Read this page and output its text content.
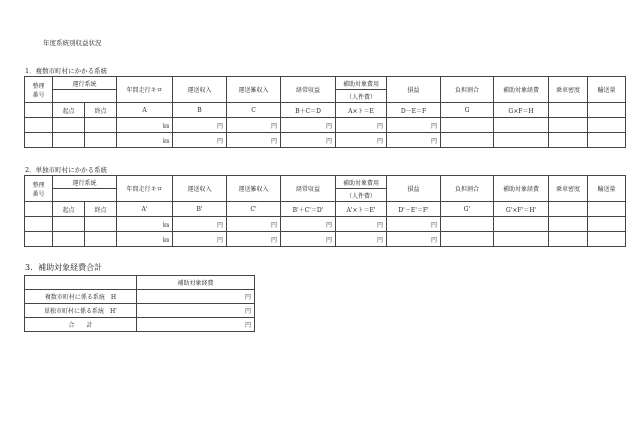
年度系統別収益状況
1．複数市町村にかかる系統
整理
番号	運行系統		年間走行キロ	運送収入	運送雑収入	経常収益	補助対象費用	損益	負担割合	補助対象経費	乗車密度	輸送量
							（人件費）					
	起点	終点	A	B	C	B＋C＝D	A×ト＝E	D－E＝F	G	G×F＝H		
			㎞	円	円	円	円	円				
			㎞	円	円	円	円	円				
2．単独市町村にかかる系統
整理
番号	運行系統		年間走行キロ	運送収入	運送雑収入	経常収益	補助対象費用	損益	負担割合	補助対象経費	乗車密度	輸送量
							（人件費）					
	起点	終点	A'	B'	C'	B'＋C'＝D'	A'×ト＝E'	D'－E'＝F'	G'	G'×F'＝H'		
			㎞	円	円	円	円	円				
			㎞	円	円	円	円	円				
3．補助対象経費合計
	補助対象経費
複数市町村に係る系統　H	円
単独市町村に係る系統　H'	円
合　　計	円
